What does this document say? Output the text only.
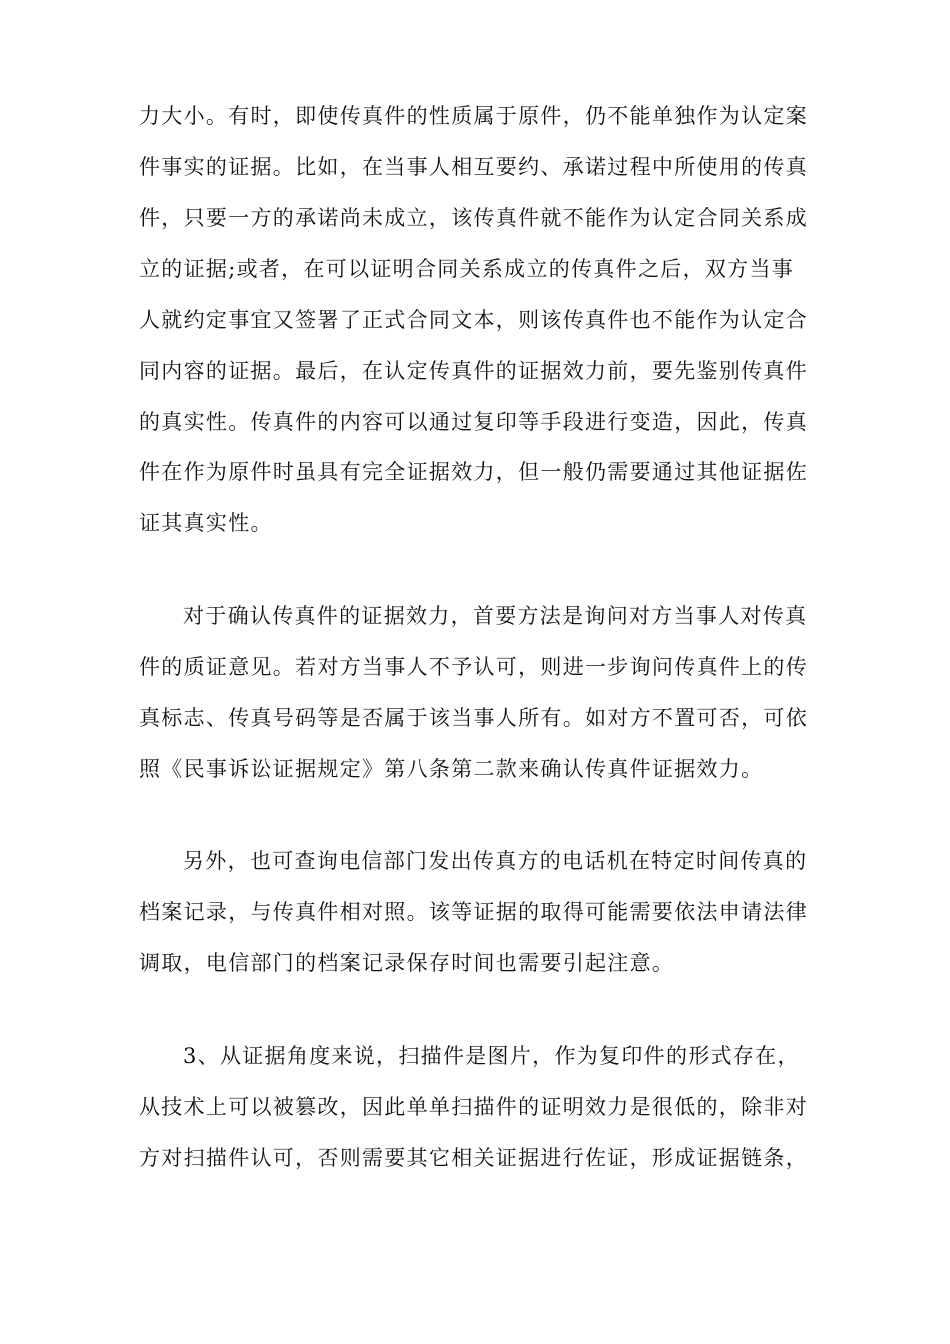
力大小。有时，即使传真件的性质属于原件，仍不能单独作为认定案

件事实的证据。比如，在当事人相互要约、承诺过程中所使用的传真

件，只要一方的承诺尚未成立，该传真件就不能作为认定合同关系成

立的证据;或者，在可以证明合同关系成立的传真件之后，双方当事

人就约定事宜又签署了正式合同文本，则该传真件也不能作为认定合

同内容的证据。最后，在认定传真件的证据效力前，要先鉴别传真件

的真实性。传真件的内容可以通过复印等手段进行变造，因此，传真

件在作为原件时虽具有完全证据效力，但一般仍需要通过其他证据佐

证其真实性。

对于确认传真件的证据效力，首要方法是询问对方当事人对传真

件的质证意见。若对方当事人不予认可，则进一步询问传真件上的传

真标志、传真号码等是否属于该当事人所有。如对方不置可否，可依

照《民事诉讼证据规定》第八条第二款来确认传真件证据效力。

另外，也可查询电信部门发出传真方的电话机在特定时间传真的

档案记录，与传真件相对照。该等证据的取得可能需要依法申请法律

调取，电信部门的档案记录保存时间也需要引起注意。

3、从证据角度来说，扫描件是图片，作为复印件的形式存在，

从技术上可以被篡改，因此单单扫描件的证明效力是很低的，除非对

方对扫描件认可，否则需要其它相关证据进行佐证，形成证据链条，
